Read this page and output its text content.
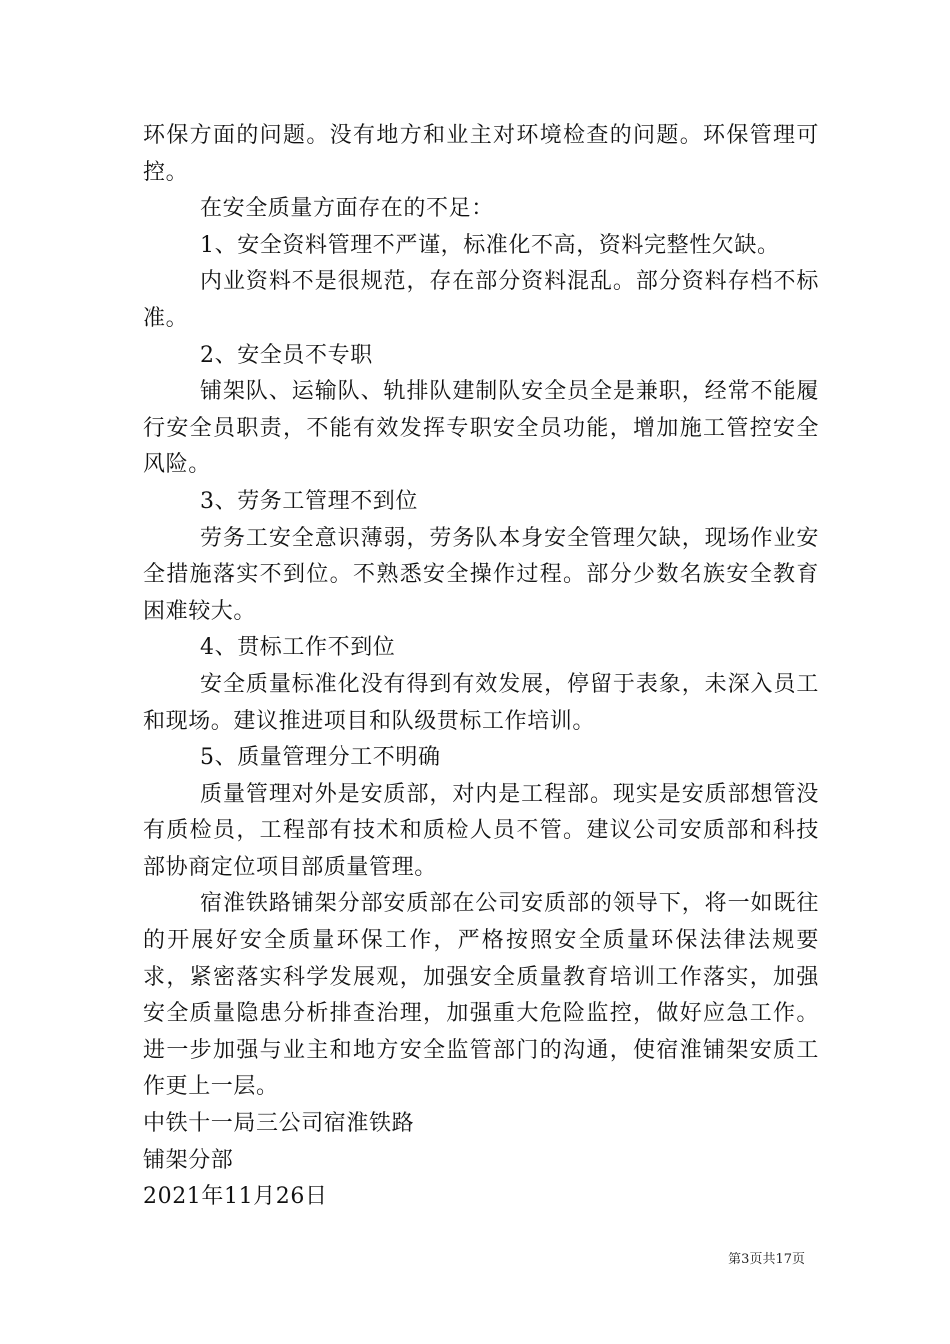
环保方面的问题。没有地方和业主对环境检查的问题。环保管理可控。

在安全质量方面存在的不足：

1、安全资料管理不严谨，标准化不高，资料完整性欠缺。

内业资料不是很规范，存在部分资料混乱。部分资料存档不标准。

2、安全员不专职

铺架队、运输队、轨排队建制队安全员全是兼职，经常不能履行安全员职责，不能有效发挥专职安全员功能，增加施工管控安全风险。

3、劳务工管理不到位

劳务工安全意识薄弱，劳务队本身安全管理欠缺，现场作业安全措施落实不到位。不熟悉安全操作过程。部分少数名族安全教育困难较大。

4、贯标工作不到位

安全质量标准化没有得到有效发展，停留于表象，未深入员工和现场。建议推进项目和队级贯标工作培训。

5、质量管理分工不明确

质量管理对外是安质部，对内是工程部。现实是安质部想管没有质检员，工程部有技术和质检人员不管。建议公司安质部和科技部协商定位项目部质量管理。

宿淮铁路铺架分部安质部在公司安质部的领导下，将一如既往的开展好安全质量环保工作，严格按照安全质量环保法律法规要求，紧密落实科学发展观，加强安全质量教育培训工作落实，加强安全质量隐患分析排查治理，加强重大危险监控，做好应急工作。进一步加强与业主和地方安全监管部门的沟通，使宿淮铺架安质工作更上一层。

中铁十一局三公司宿淮铁路

铺架分部

2021年11月26日

第3页共17页
